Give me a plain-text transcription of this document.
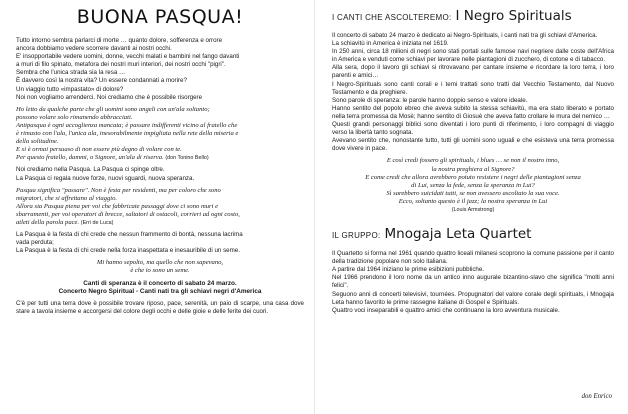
BUONA PASQUA!

Tutto intorno sembra parlarci di morte … quanto dolore, sofferenza e orrore

ancora dobbiamo vedere scorrere davanti ai nostri occhi.

E' insopportabile vedere uomini, donne, vecchi malati e bambini nel fango davanti

a muri di filo spinato, metafora dei nostri muri interiori, dei nostri occhi "pigri".

Sembra che l'unica strada sia la resa …

È davvero così la nostra vita? Un essere condannati a morire?

Un viaggio tutto «impastato» di dolore?

Noi non vogliamo arrenderci. Noi crediamo che è possibile risorgere

Ho letto da qualche parte che gli uomini sono angeli con un'ala soltanto;

possono volare solo rimanendo abbracciati.

Antipasqua è ogni accoglienza mancata; è passare indifferenti vicino al fratello che

è rimasto con l'ala, l'unica ala, inesorabilmente impigliata nella rete della miseria e

della solitudine.

E si è ormai persuaso di non essere più degno di volare con te.

Per questo fratello, dammi, o Signore, un'ala di riserva. (don Tonino Bello)

Noi crediamo nella Pasqua. La Pasqua ci spinge oltre.

La Pasqua ci regala nuove forze, nuovi sguardi, nuova speranza.

Pasqua significa "passare". Non è festa per residenti, ma per coloro che sono

migratori, che si affrettano al viaggio.

Allora sia Pasqua piena per voi che fabbricate passaggi dove ci sono muri e

sbarramenti, per voi operatori di brecce, saltatori di ostacoli, corrieri ad ogni costo,

atleti della parola pace. (Erri de Luca)

La Pasqua è la festa di chi crede che nessun frammento di bontà, nessuna lacrima

vada perduta;

La Pasqua è la festa di chi crede nella forza inaspettata e inesauribile di un seme.

Mi hanno sepolto, ma quello che non sapevano,

è che io sono un seme.

Canti di speranza è il concerto di sabato 24 marzo.

Concerto Negro Spiritual - Canti nati tra gli schiavi negri d'America

C'è per tutti una terra dove è possibile trovare riposo, pace, serenità, un paio di scarpe, una casa dove stare a tavola insieme e accorgersi del colore degli occhi e delle gioie e delle ferite dei cuori.

don Enrico
I CANTI CHE ASCOLTEREMO: I Negro Spirituals

Il concerto di sabato 24 marzo è dedicato ai Negro-Spirituals, i canti nati tra gli schiavi d'America.

La schiavitù in America è iniziata nel 1619.

In 250 anni, circa 18 milioni di negri sono stati portati sulle famose navi negriere dalle coste dell'Africa in America e venduti come schiavi per lavorare nelle piantagioni di zucchero, di cotone e di tabacco.

Alla sera, dopo il lavoro gli schiavi si ritrovavano per cantare insieme e ricordare la loro terra, i loro parenti e amici…

I Negro-Spirituals sono canti corali e i temi trattati sono tratti dal Vecchio Testamento, dal Nuovo Testamento e da preghiere.

Sono parole di speranza: le parole hanno doppio senso e valore ideale.

Hanno sentito del popolo ebreo che aveva subito la stessa schiavitù, ma era stato liberato e portato nella terra promessa da Mosè; hanno sentito di Giosuè che aveva fatto crollare le mura del nemico …

Questi grandi personaggi biblici sono diventati i loro punti di riferimento, i loro compagni di viaggio verso la libertà tanto sognata.

Avevano sentito che, nonostante tutto, tutti gli uomini sono uguali e che esisteva una terra promessa dove vivere in pace.

E così credi fossero gli spirituals, i blues … se non il nostro inno,

la nostra preghiera al Signore?

E come credi che allora avrebbero potuto resistere i negri delle piantagioni senza

di Lui, senza la fede, senza la speranza in Lui?

Sì sarebbero suicidati tutti, se non avessero ascoltato la sua voce.

Ecco, soltanto questo è il jazz; la nostra speranza in Lui

(Louis Armstrong)

IL GRUPPO: Mnogaja Leta Quartet

Il Quartetto si forma nel 1961 quando quattro liceali milanesi scoprono la comune passione per il canto della tradizione popolare non solo italiana.

A partire dal 1964 iniziano le prime esibizioni pubbliche.

Nel 1966 prendono il loro nome da un antico inno augurale bizantino-slavo che significa "molti anni felici".

Seguono anni di concerti televisivi, tournées. Propugnatori del valore corale degli spirituals, i Mnogaja Leta hanno favorito le prime rassegne italiane di Gospel e Spirituals.

Quattro voci inseparabili e quattro amici che continuano la loro avventura musicale.
